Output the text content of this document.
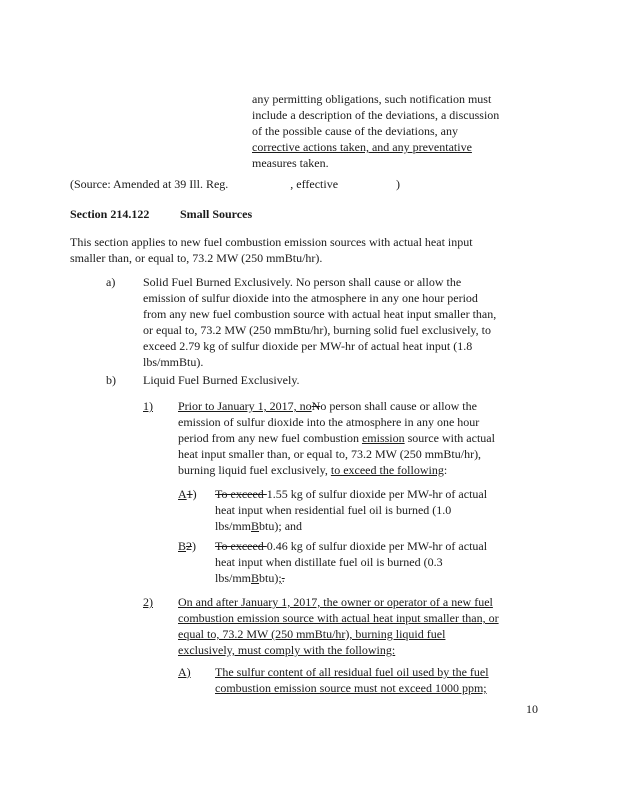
any permitting obligations, such notification must
include a description of the deviations, a discussion
of the possible cause of the deviations, any
corrective actions taken, and any preventative
measures taken.
(Source: Amended at 39 Ill. Reg.	, effective	)
Section 214.122	Small Sources
This section applies to new fuel combustion emission sources with actual heat input
smaller than, or equal to, 73.2 MW (250 mmBtu/hr).
a) Solid Fuel Burned Exclusively. No person shall cause or allow the
emission of sulfur dioxide into the atmosphere in any one hour period
from any new fuel combustion source with actual heat input smaller than,
or equal to, 73.2 MW (250 mmBtu/hr), burning solid fuel exclusively, to
exceed 2.79 kg of sulfur dioxide per MW-hr of actual heat input (1.8
lbs/mmBtu).
b) Liquid Fuel Burned Exclusively.
1) Prior to January 1, 2017, noNo person shall cause or allow the
emission of sulfur dioxide into the atmosphere in any one hour
period from any new fuel combustion emission source with actual
heat input smaller than, or equal to, 73.2 MW (250 mmBtu/hr),
burning liquid fuel exclusively, to exceed the following:
A1) To exceed 1.55 kg of sulfur dioxide per MW-hr of actual
heat input when residential fuel oil is burned (1.0
lbs/mmBbtu); and
B2) To exceed 0.46 kg of sulfur dioxide per MW-hr of actual
heat input when distillate fuel oil is burned (0.3
lbs/mmBbtu);.
2) On and after January 1, 2017, the owner or operator of a new fuel
combustion emission source with actual heat input smaller than, or
equal to, 73.2 MW (250 mmBtu/hr), burning liquid fuel
exclusively, must comply with the following:
A) The sulfur content of all residual fuel oil used by the fuel
combustion emission source must not exceed 1000 ppm;
10
